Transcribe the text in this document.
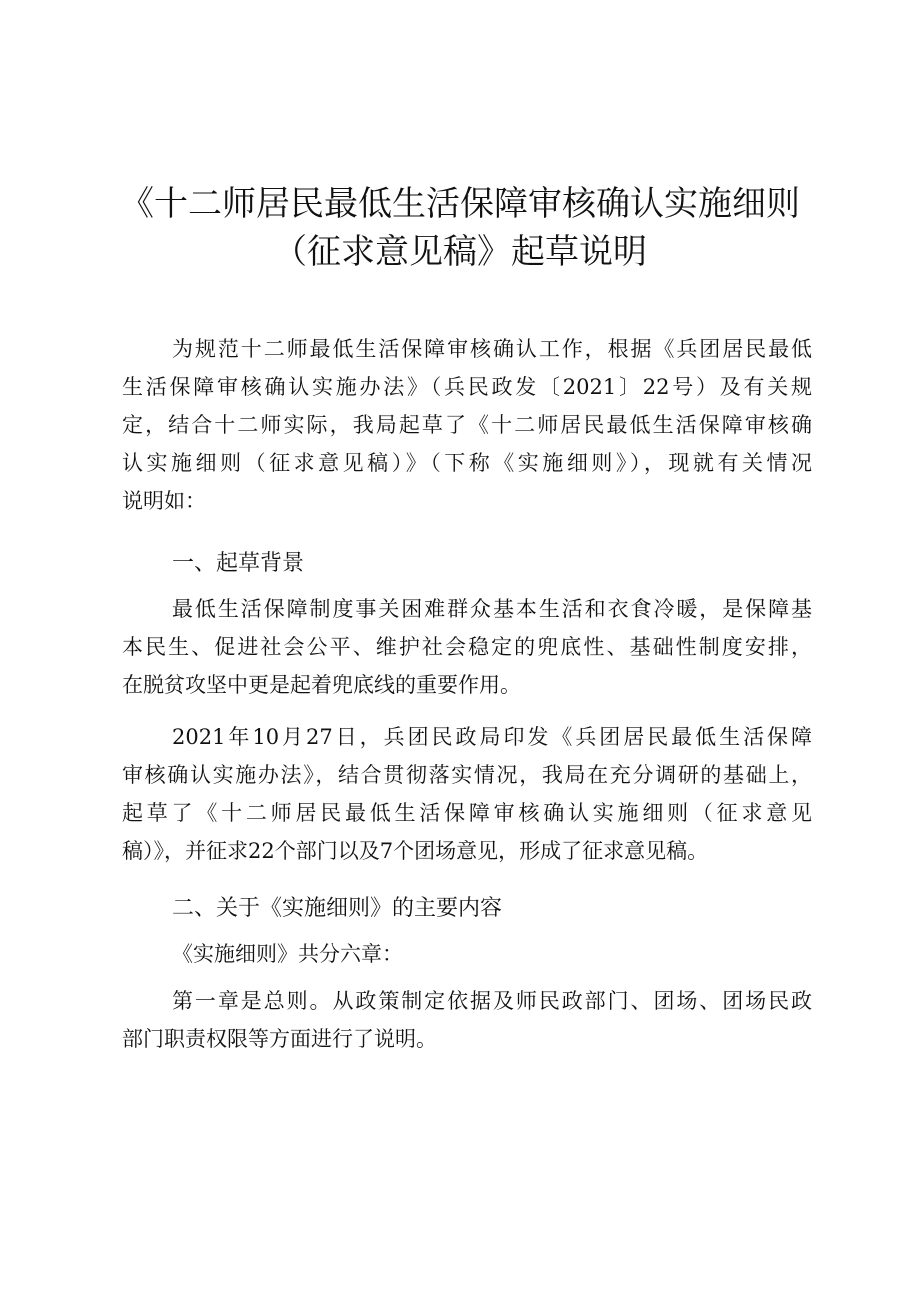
《十二师居民最低生活保障审核确认实施细则
（征求意见稿》起草说明
为规范十二师最低生活保障审核确认工作，根据《兵团居民最低
生活保障审核确认实施办法》（兵民政发〔2021〕22号）及有关规
定，结合十二师实际，我局起草了《十二师居民最低生活保障审核确
认实施细则（征求意见稿）》（下称《实施细则》），现就有关情况
说明如：
一、起草背景
最低生活保障制度事关困难群众基本生活和衣食冷暖，是保障基
本民生、促进社会公平、维护社会稳定的兜底性、基础性制度安排，
在脱贫攻坚中更是起着兜底线的重要作用。
2021年10月27日，兵团民政局印发《兵团居民最低生活保障
审核确认实施办法》，结合贯彻落实情况，我局在充分调研的基础上，
起草了《十二师居民最低生活保障审核确认实施细则（征求意见
稿）》，并征求22个部门以及7个团场意见，形成了征求意见稿。
二、关于《实施细则》的主要内容
《实施细则》共分六章：
第一章是总则。从政策制定依据及师民政部门、团场、团场民政
部门职责权限等方面进行了说明。
